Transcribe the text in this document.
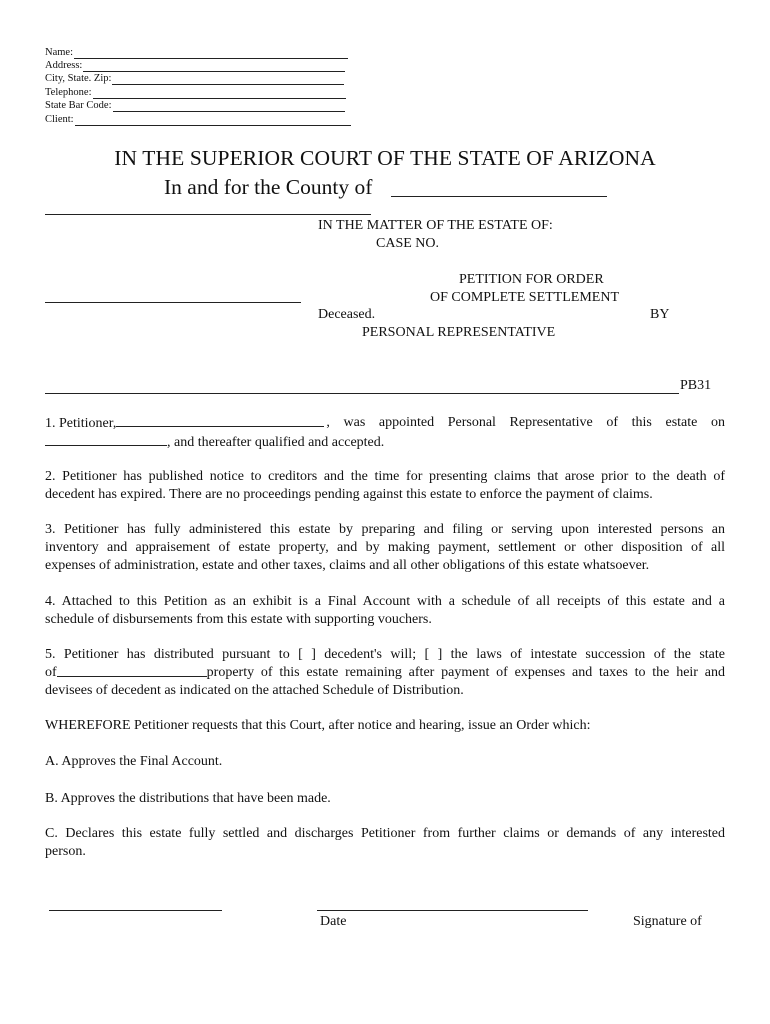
Name:
Address:
City, State. Zip:
Telephone:
State Bar Code:
Client:
IN THE SUPERIOR COURT OF THE STATE OF ARIZONA
In and for the County of
IN THE MATTER OF THE ESTATE OF:
CASE NO.
PETITION FOR ORDER
OF COMPLETE SETTLEMENT
Deceased.	BY
PERSONAL REPRESENTATIVE
PB31
1. Petitioner,	, was appointed Personal Representative of this estate on
, and thereafter qualified and accepted.
2. Petitioner has published notice to creditors and the time for presenting claims that arose prior to the death of
decedent has expired. There are no proceedings pending against this estate to enforce the payment of claims.
3. Petitioner has fully administered this estate by preparing and filing or serving upon interested persons an
inventory and appraisement of estate property, and by making payment, settlement or other disposition of all
expenses of administration, estate and other taxes, claims and all other obligations of this estate whatsoever.
4. Attached to this Petition as an exhibit is a Final Account with a schedule of all receipts of this estate and a
schedule of disbursements from this estate with supporting vouchers.
5. Petitioner has distributed pursuant to [ ] decedent's will; [ ] the laws of intestate succession of the state
of	property of this estate remaining after payment of expenses and taxes to the heir and
devisees of decedent as indicated on the attached Schedule of Distribution.
WHEREFORE Petitioner requests that this Court, after notice and hearing, issue an Order which:
A. Approves the Final Account.
B. Approves the distributions that have been made.
C. Declares this estate fully settled and discharges Petitioner from further claims or demands of any interested
person.
Date	Signature of
